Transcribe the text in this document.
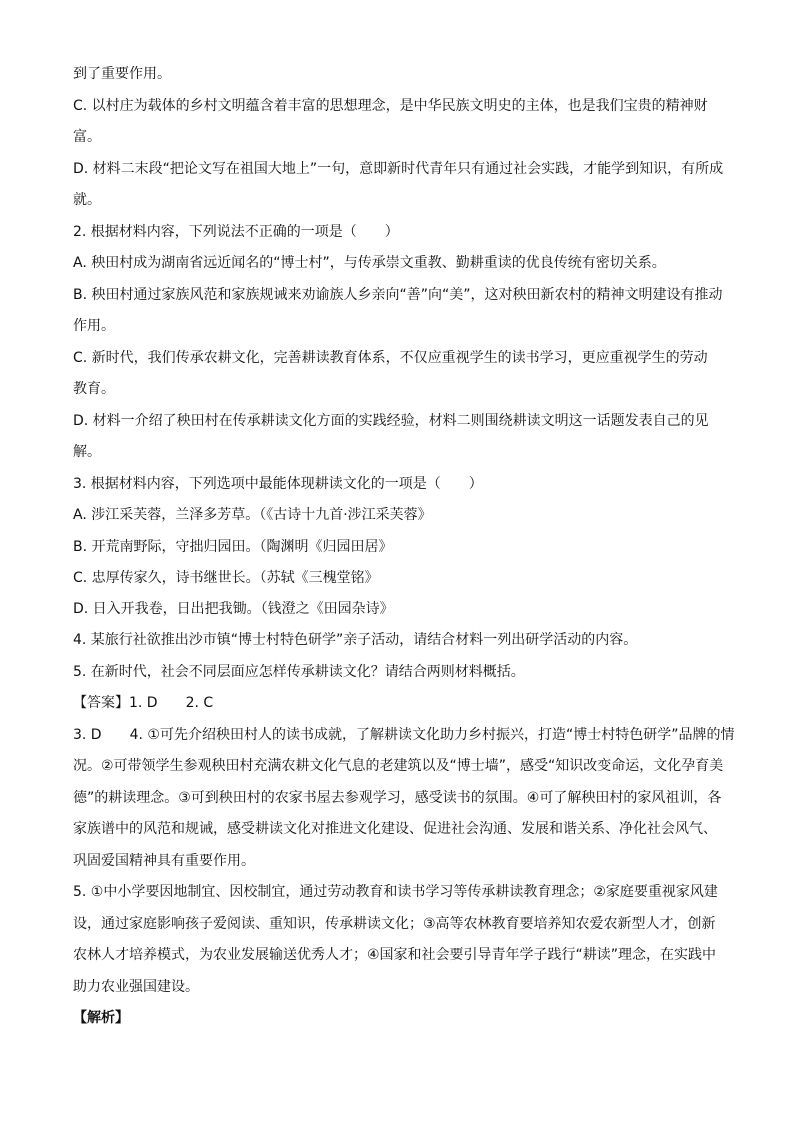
到了重要作用。
C. 以村庄为载体的乡村文明蕴含着丰富的思想理念，是中华民族文明史的主体，也是我们宝贵的精神财
富。
D. 材料二末段“把论文写在祖国大地上”一句，意即新时代青年只有通过社会实践，才能学到知识，有所成
就。
2. 根据材料内容，下列说法不正确的一项是（　　）
A. 秧田村成为湖南省远近闻名的“博士村”，与传承崇文重教、勤耕重读的优良传统有密切关系。
B. 秧田村通过家族风范和家族规诫来劝谕族人乡亲向“善”向“美”，这对秧田新农村的精神文明建设有推动
作用。
C. 新时代，我们传承农耕文化，完善耕读教育体系，不仅应重视学生的读书学习，更应重视学生的劳动
教育。
D. 材料一介绍了秧田村在传承耕读文化方面的实践经验，材料二则围绕耕读文明这一话题发表自己的见
解。
3. 根据材料内容，下列选项中最能体现耕读文化的一项是（　　）
A. 涉江采芙蓉，兰泽多芳草。（《古诗十九首·涉江采芙蓉》
B. 开荒南野际，守拙归园田。（陶渊明《归园田居》
C. 忠厚传家久，诗书继世长。（苏轼《三槐堂铭》
D. 日入开我卷，日出把我锄。（钱澄之《田园杂诗》
4. 某旅行社欲推出沙市镇“博士村特色研学”亲子活动，请结合材料一列出研学活动的内容。
5. 在新时代，社会不同层面应怎样传承耕读文化？请结合两则材料概括。
【答案】1. D　　2. C
3. D　　4. ①可先介绍秧田村人的读书成就，了解耕读文化助力乡村振兴，打造“博士村特色研学”品牌的情
况。②可带领学生参观秧田村充满农耕文化气息的老建筑以及“博士墙”，感受“知识改变命运，文化孕育美
德”的耕读理念。③可到秧田村的农家书屋去参观学习，感受读书的氛围。④可了解秧田村的家风祖训，各
家族谱中的风范和规诫，感受耕读文化对推进文化建设、促进社会沟通、发展和谐关系、净化社会风气、
巩固爱国精神具有重要作用。
5. ①中小学要因地制宜、因校制宜，通过劳动教育和读书学习等传承耕读教育理念；②家庭要重视家风建
设，通过家庭影响孩子爱阅读、重知识，传承耕读文化；③高等农林教育要培养知农爱农新型人才，创新
农林人才培养模式，为农业发展输送优秀人才；④国家和社会要引导青年学子践行“耕读”理念，在实践中
助力农业强国建设。
【解析】
